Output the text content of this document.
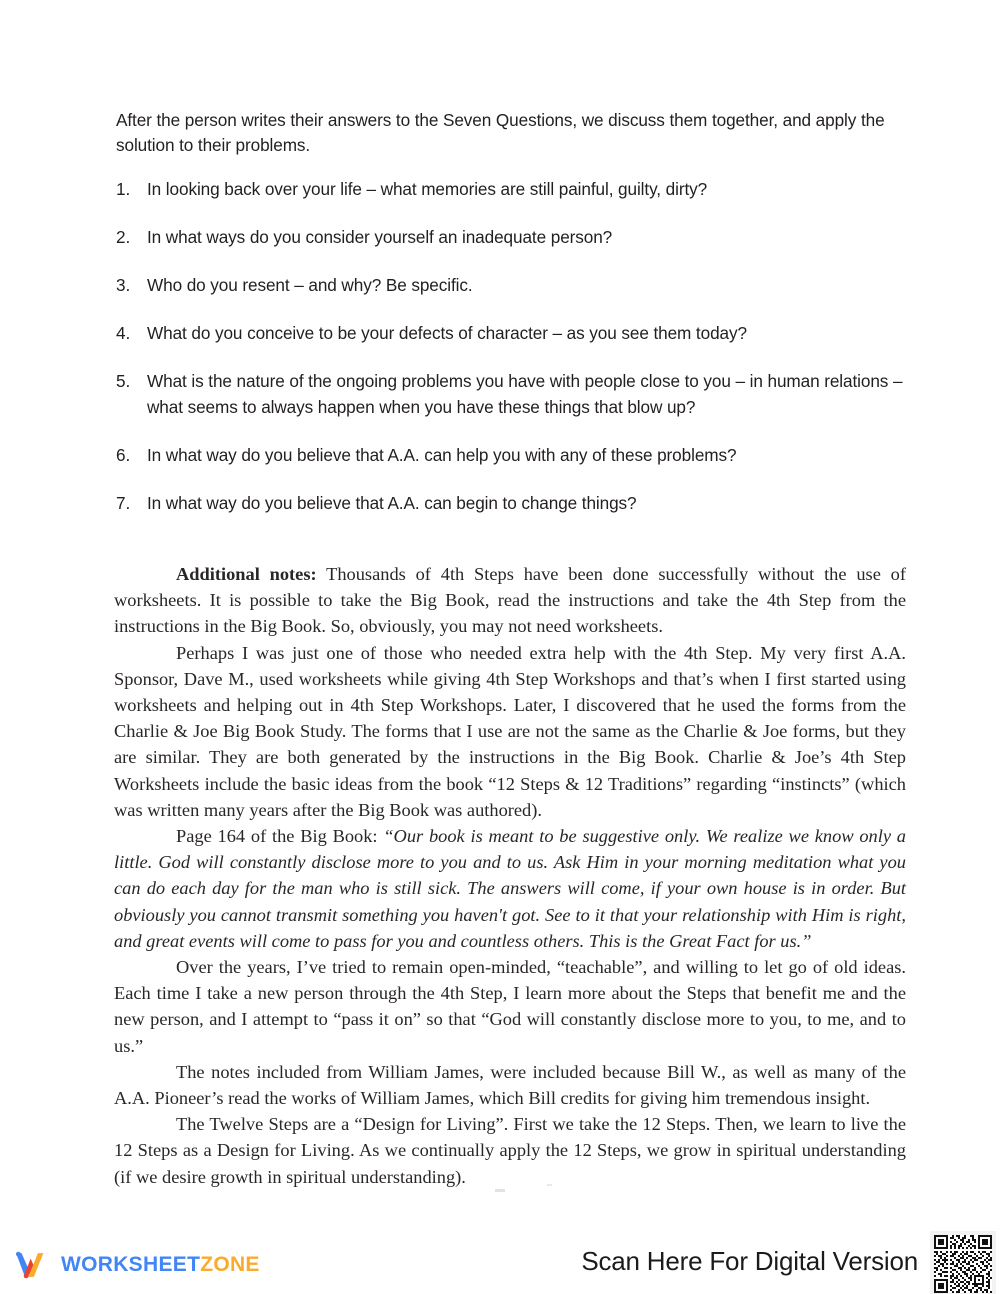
After the person writes their answers to the Seven Questions, we discuss them together, and apply the solution to their problems.

1. In looking back over your life – what memories are still painful, guilty, dirty?
2. In what ways do you consider yourself an inadequate person?
3. Who do you resent – and why? Be specific.
4. What do you conceive to be your defects of character – as you see them today?
5. What is the nature of the ongoing problems you have with people close to you – in human relations – what seems to always happen when you have these things that blow up?
6. In what way do you believe that A.A. can help you with any of these problems?
7. In what way do you believe that A.A. can begin to change things?

Additional notes: Thousands of 4th Steps have been done successfully without the use of worksheets. It is possible to take the Big Book, read the instructions and take the 4th Step from the instructions in the Big Book. So, obviously, you may not need worksheets.

Perhaps I was just one of those who needed extra help with the 4th Step. My very first A.A. Sponsor, Dave M., used worksheets while giving 4th Step Workshops and that’s when I first started using worksheets and helping out in 4th Step Workshops. Later, I discovered that he used the forms from the Charlie & Joe Big Book Study. The forms that I use are not the same as the Charlie & Joe forms, but they are similar. They are both generated by the instructions in the Big Book. Charlie & Joe’s 4th Step Worksheets include the basic ideas from the book “12 Steps & 12 Traditions” regarding “instincts” (which was written many years after the Big Book was authored).

Page 164 of the Big Book: “Our book is meant to be suggestive only. We realize we know only a little. God will constantly disclose more to you and to us. Ask Him in your morning meditation what you can do each day for the man who is still sick. The answers will come, if your own house is in order. But obviously you cannot transmit something you haven't got. See to it that your relationship with Him is right, and great events will come to pass for you and countless others. This is the Great Fact for us.”

Over the years, I’ve tried to remain open-minded, “teachable”, and willing to let go of old ideas. Each time I take a new person through the 4th Step, I learn more about the Steps that benefit me and the new person, and I attempt to “pass it on” so that “God will constantly disclose more to you, to me, and to us.”

The notes included from William James, were included because Bill W., as well as many of the A.A. Pioneer’s read the works of William James, which Bill credits for giving him tremendous insight.

The Twelve Steps are a “Design for Living”. First we take the 12 Steps. Then, we learn to live the 12 Steps as a Design for Living. As we continually apply the 12 Steps, we grow in spiritual understanding (if we desire growth in spiritual understanding).

WORKSHEETZONE	Scan Here For Digital Version
